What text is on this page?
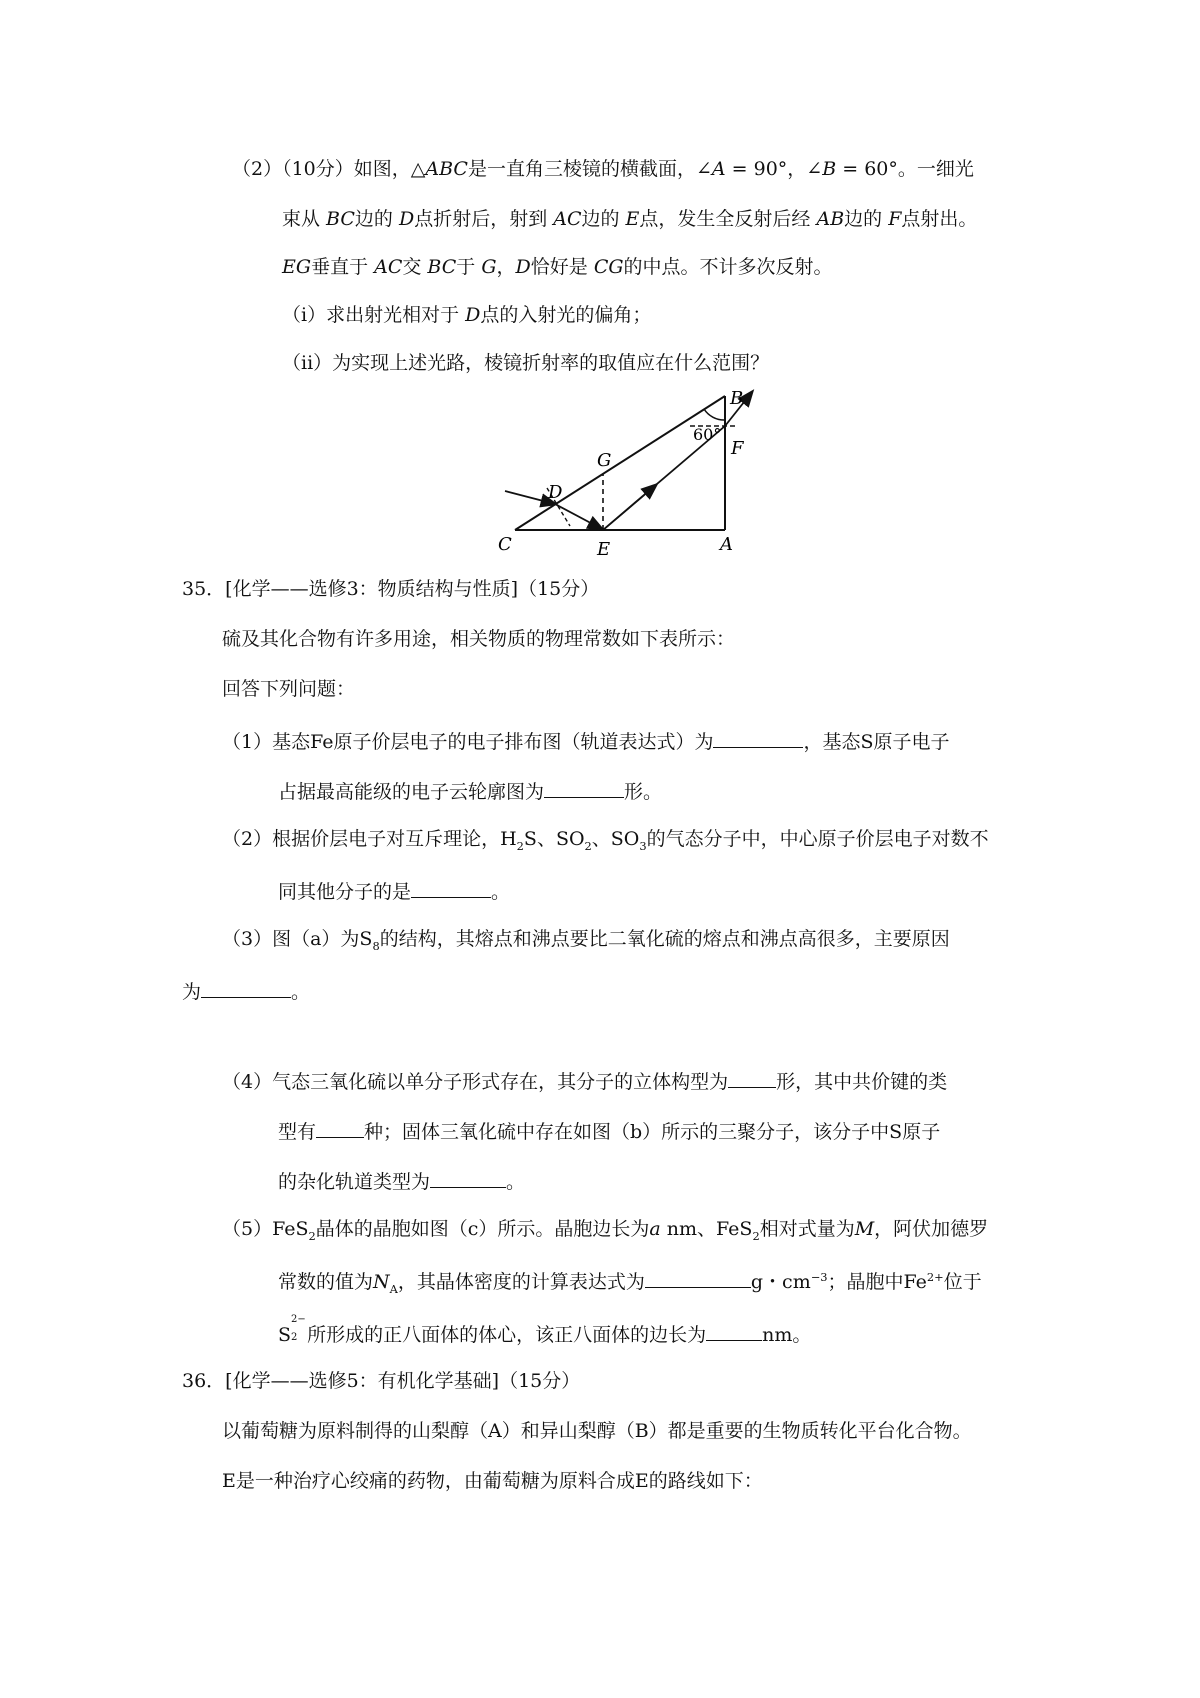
（2）（10分）如图，△ABC是一直角三棱镜的横截面，∠A = 90°，∠B = 60°。一细光
束从 BC边的 D点折射后，射到 AC边的 E点，发生全反射后经 AB边的 F点射出。
EG垂直于 AC交 BC于 G，D恰好是 CG的中点。不计多次反射。
（i）求出射光相对于 D点的入射光的偏角；
（ii）为实现上述光路，棱镜折射率的取值应在什么范围？
B
60°
G
D
F
C	E	A
35．[化学——选修3：物质结构与性质]（15分）
硫及其化合物有许多用途，相关物质的物理常数如下表所示：
回答下列问题：
（1）基态Fe原子价层电子的电子排布图（轨道表达式）为	，基态S原子电子
占据最高能级的电子云轮廓图为	形。
（2）根据价层电子对互斥理论，$H_2S$、$SO_2$、$SO_3$的气态分子中，中心原子价层电子对数不
同其他分子的是	。
（3）图（a）为$S_8$的结构，其熔点和沸点要比二氧化硫的熔点和沸点高很多，主要原因
为	。
（4）气态三氧化硫以单分子形式存在，其分子的立体构型为	形，其中共价键的类
型有	种；固体三氧化硫中存在如图（b）所示的三聚分子，该分子中S原子
的杂化轨道类型为	。
（5）FeS$_2$晶体的晶胞如图（c）所示。晶胞边长为a nm、FeS$_2$相对式量为M，阿伏加德罗
常数的值为$N_A$，其晶体密度的计算表达式为	g・$cm^{-3}$；晶胞中$Fe^{2+}$位于
S
2−
2 所形成的正八面体的体心，该正八面体的边长为	nm。
36．[化学——选修5：有机化学基础]（15分）
以葡萄糖为原料制得的山梨醇（A）和异山梨醇（B）都是重要的生物质转化平台化合物。
E是一种治疗心绞痛的药物，由葡萄糖为原料合成E的路线如下：
